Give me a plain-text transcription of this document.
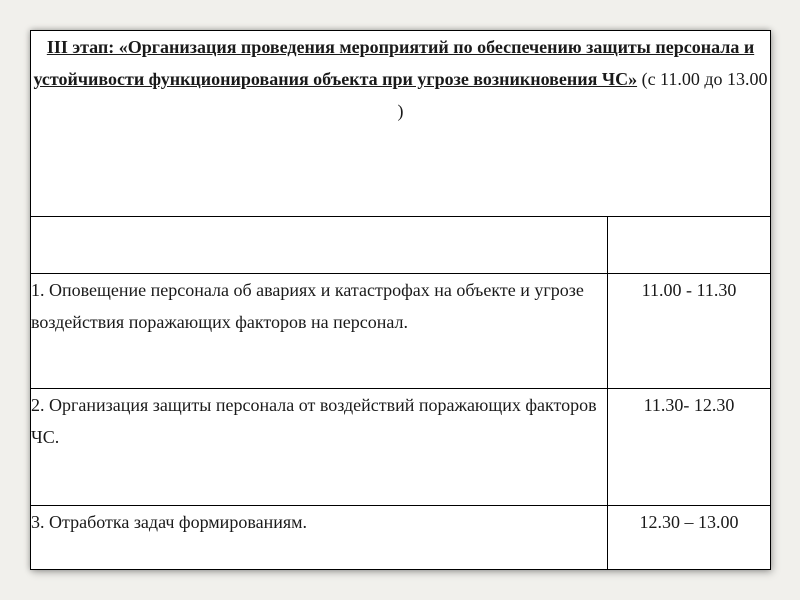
III этап: «Организация проведения мероприятий по обеспечению защиты персонала и устойчивости функционирования объекта при угрозе возникновения ЧС» (с 11.00 до 13.00 )	

1. Оповещение персонала об авариях и катастрофах на объекте и угрозе воздействия поражающих факторов на персонал.	11.00 - 11.30
2. Организация защиты персонала от воздействий поражающих факторов ЧС.	11.30- 12.30
3. Отработка задач формированиям.	12.30 – 13.00
